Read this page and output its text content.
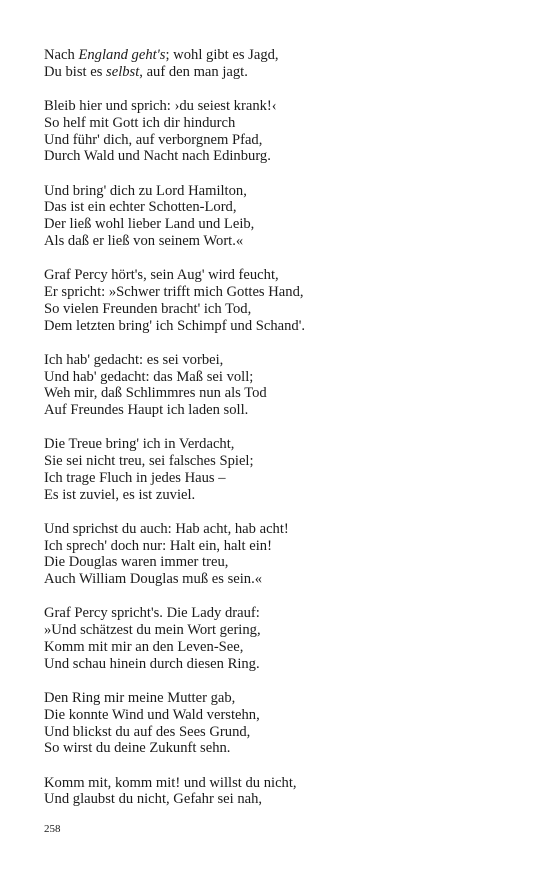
Nach England geht's; wohl gibt es Jagd,
Du bist es selbst, auf den man jagt.
Bleib hier und sprich: ›du seiest krank!‹
So helf mit Gott ich dir hindurch
Und führ' dich, auf verborgnem Pfad,
Durch Wald und Nacht nach Edinburg.
Und bring' dich zu Lord Hamilton,
Das ist ein echter Schotten-Lord,
Der ließ wohl lieber Land und Leib,
Als daß er ließ von seinem Wort.«
Graf Percy hört's, sein Aug' wird feucht,
Er spricht: »Schwer trifft mich Gottes Hand,
So vielen Freunden bracht' ich Tod,
Dem letzten bring' ich Schimpf und Schand'.
Ich hab' gedacht: es sei vorbei,
Und hab' gedacht: das Maß sei voll;
Weh mir, daß Schlimmres nun als Tod
Auf Freundes Haupt ich laden soll.
Die Treue bring' ich in Verdacht,
Sie sei nicht treu, sei falsches Spiel;
Ich trage Fluch in jedes Haus –
Es ist zuviel, es ist zuviel.
Und sprichst du auch: Hab acht, hab acht!
Ich sprech' doch nur: Halt ein, halt ein!
Die Douglas waren immer treu,
Auch William Douglas muß es sein.«
Graf Percy spricht's. Die Lady drauf:
»Und schätzest du mein Wort gering,
Komm mit mir an den Leven-See,
Und schau hinein durch diesen Ring.
Den Ring mir meine Mutter gab,
Die konnte Wind und Wald verstehn,
Und blickst du auf des Sees Grund,
So wirst du deine Zukunft sehn.
Komm mit, komm mit! und willst du nicht,
Und glaubst du nicht, Gefahr sei nah,
258
